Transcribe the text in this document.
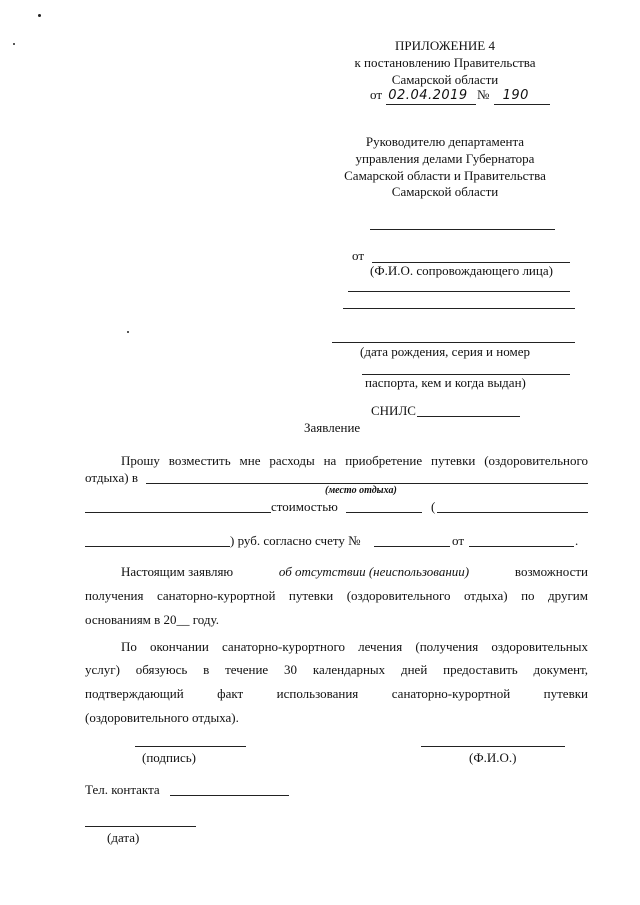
ПРИЛОЖЕНИЕ 4
к постановлению Правительства
Самарской области
от 02.04.2019 № 190
Руководителю департамента
управления делами Губернатора
Самарской области и Правительства
Самарской области
от
(Ф.И.О. сопровождающего лица)
(дата рождения, серия и номер
паспорта, кем и когда выдан)
СНИЛС
Заявление
Прошу возместить мне расходы на приобретение путевки (оздоровительного
отдыха) в
(место отдыха)
стоимостью	(
) руб. согласно счету №	от	.
Настоящим заявляю	об отсутствии (неиспользовании)	возможности
получения санаторно-курортной путевки (оздоровительного отдыха) по другим
основаниям в 20__ году.
По окончании санаторно-курортного лечения (получения оздоровительных
услуг) обязуюсь в течение 30 календарных дней предоставить документ,
подтверждающий факт использования санаторно-курортной путевки
(оздоровительного отдыха).
(подпись)	(Ф.И.О.)
Тел. контакта
(дата)
